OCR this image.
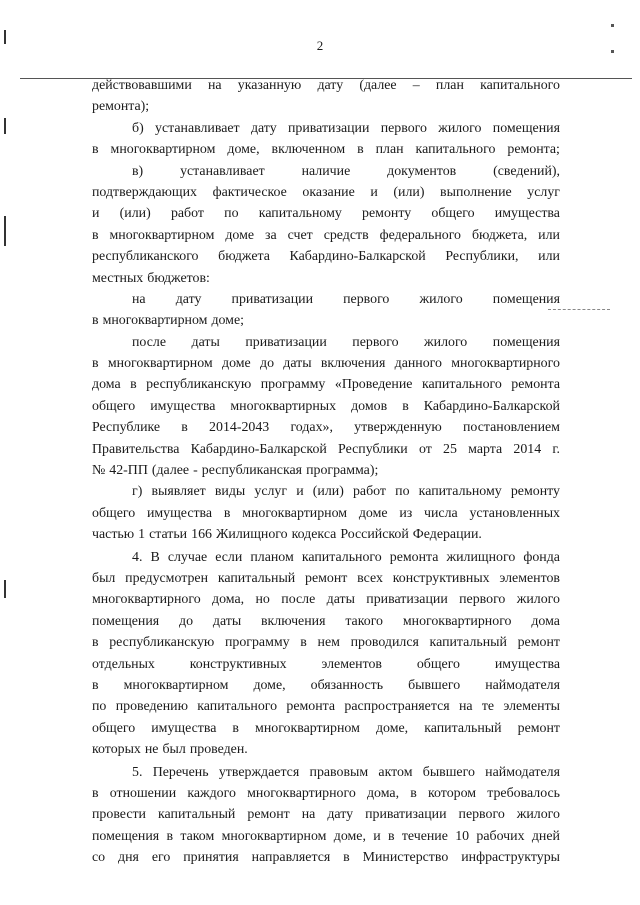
2
действовавшими на указанную дату (далее – план капитального
ремонта);
б) устанавливает дату приватизации первого жилого помещения
в многоквартирном доме, включенном в план капитального ремонта;
в)	устанавливает	наличие	документов	(сведений),
подтверждающих фактическое оказание и (или) выполнение услуг
и (или) работ по капитальному ремонту общего имущества
в многоквартирном доме за счет средств федерального бюджета, или
республиканского бюджета Кабардино-Балкарской Республики, или
местных бюджетов:
на дату приватизации первого жилого помещения
в многоквартирном доме;
после даты приватизации первого жилого помещения
в многоквартирном доме до даты включения данного многоквартирного
дома в республиканскую программу «Проведение капитального ремонта
общего имущества многоквартирных домов в Кабардино-Балкарской
Республике в 2014-2043 годах», утвержденную постановлением
Правительства Кабардино-Балкарской Республики от 25 марта 2014 г.
№ 42-ПП (далее - республиканская программа);
г) выявляет виды услуг и (или) работ по капитальному ремонту
общего имущества в многоквартирном доме из числа установленных
частью 1 статьи 166 Жилищного кодекса Российской Федерации.
4. В случае если планом капитального ремонта жилищного фонда
был предусмотрен капитальный ремонт всех конструктивных элементов
многоквартирного дома, но после даты приватизации первого жилого
помещения до даты включения такого многоквартирного дома
в республиканскую программу в нем проводился капитальный ремонт
отдельных	конструктивных	элементов	общего	имущества
в многоквартирном доме, обязанность бывшего наймодателя
по проведению капитального ремонта распространяется на те элементы
общего имущества в многоквартирном доме, капитальный ремонт
которых не был проведен.
5. Перечень утверждается правовым актом бывшего наймодателя
в отношении каждого многоквартирного дома, в котором требовалось
провести капитальный ремонт на дату приватизации первого жилого
помещения в таком многоквартирном доме, и в течение 10 рабочих дней
со дня его принятия направляется в Министерство инфраструктуры
